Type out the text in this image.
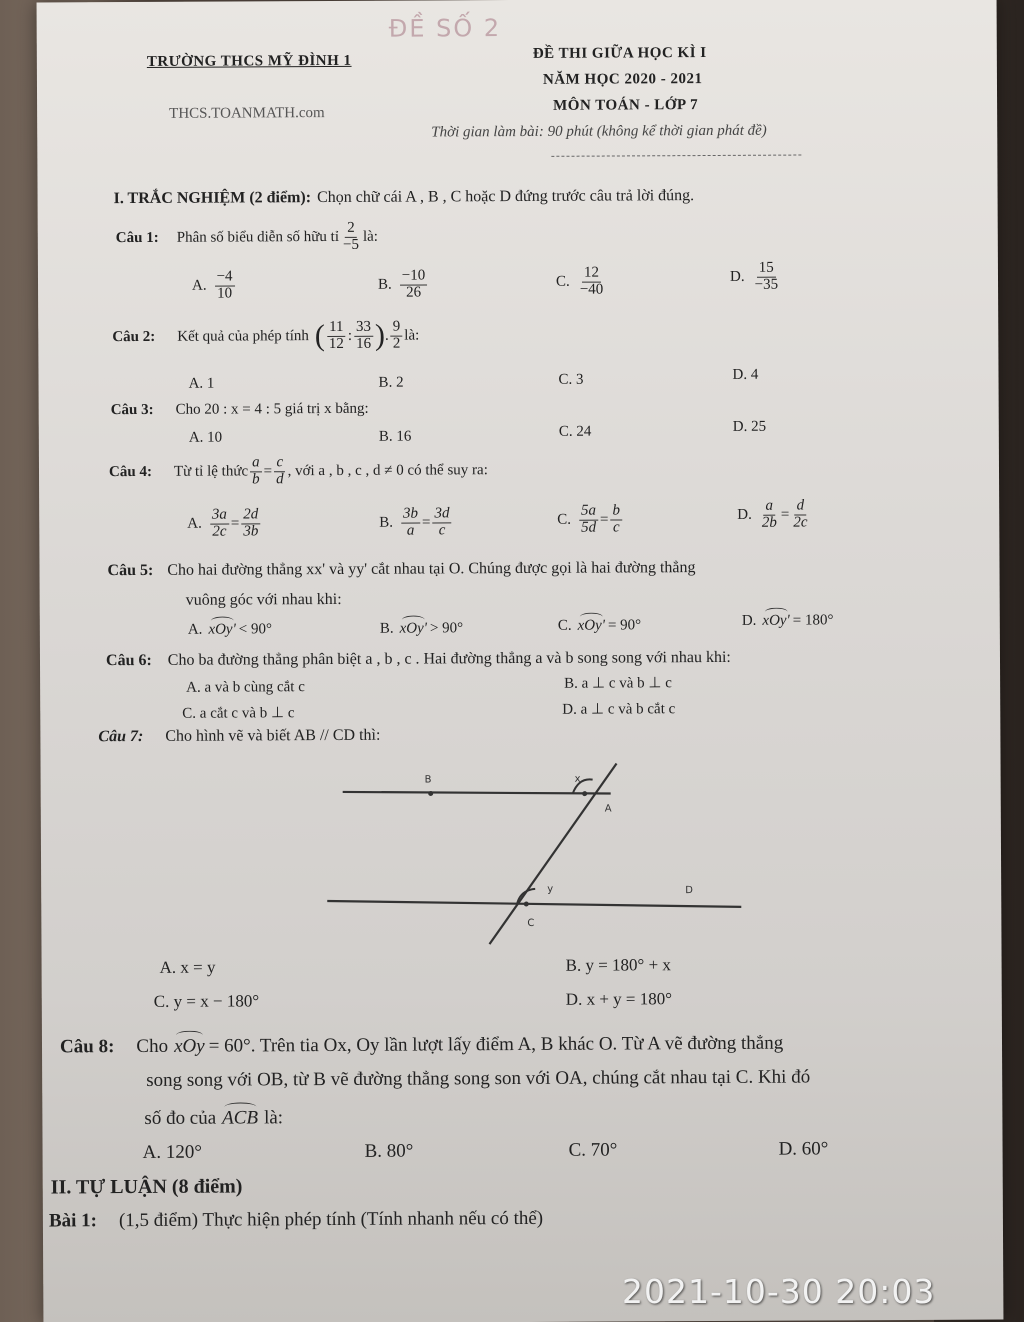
ĐỀ SỐ 2
TRƯỜNG THCS MỸ ĐÌNH 1
THCS.TOANMATH.com
ĐỀ THI GIỮA HỌC KÌ I
NĂM HỌC 2020 - 2021
MÔN TOÁN - LỚP 7
Thời gian làm bài: 90 phút (không kể thời gian phát đề)
I. TRẮC NGHIỆM (2 điểm): Chọn chữ cái A , B , C hoặc D đứng trước câu trả lời đúng.
Câu 1: Phân số biểu diễn số hữu tỉ $\frac{2}{-5}$ là:
A. $\frac{-4}{10}$	B. $\frac{-10}{26}$	C. $\frac{12}{-40}$	D. $\frac{15}{-35}$
Câu 2: Kết quả của phép tính ( $\frac{11}{12}$ : $\frac{33}{16}$ ) . $\frac{9}{2}$ là:
A. 1	B. 2	C. 3	D. 4
Câu 3: Cho 20 : x = 4 : 5 giá trị x bằng:
A. 10	B. 16	C. 24	D. 25
Câu 4: Từ tỉ lệ thức $\frac{a}{b} = \frac{c}{d}$ , với a , b , c , d ≠ 0 có thể suy ra:
A. $\frac{3a}{2c} = \frac{2d}{3b}$	B. $\frac{3b}{a} = \frac{3d}{c}$	C. $\frac{5a}{5d} = \frac{b}{c}$	D. $\frac{a}{2b} = \frac{d}{2c}$
Câu 5: Cho hai đường thẳng xx' và yy' cắt nhau tại O. Chúng được gọi là hai đường thẳng
vuông góc với nhau khi:
A. xOy' < 90°	B. xOy' > 90°	C. xOy' = 90°	D. xOy' = 180°
Câu 6: Cho ba đường thẳng phân biệt a , b , c . Hai đường thẳng a và b song song với nhau khi:
A. a và b cùng cắt c	B. a ⊥ c và b ⊥ c
C. a cắt c và b ⊥ c	D. a ⊥ c và b cắt c
Câu 7: Cho hình vẽ và biết AB // CD thì:
B	x
A
y	D
C
A. x = y	B. y = 180° + x
C. y = x − 180°	D. x + y = 180°
Câu 8: Cho xOy = 60°. Trên tia Ox, Oy lần lượt lấy điểm A, B khác O. Từ A vẽ đường thẳng
song song với OB, từ B vẽ đường thẳng song son với OA, chúng cắt nhau tại C. Khi đó
số đo của ACB là:
A. 120°	B. 80°	C. 70°	D. 60°
II. TỰ LUẬN (8 điểm)
Bài 1: (1,5 điểm) Thực hiện phép tính (Tính nhanh nếu có thể)
2021-10-30 20:03
